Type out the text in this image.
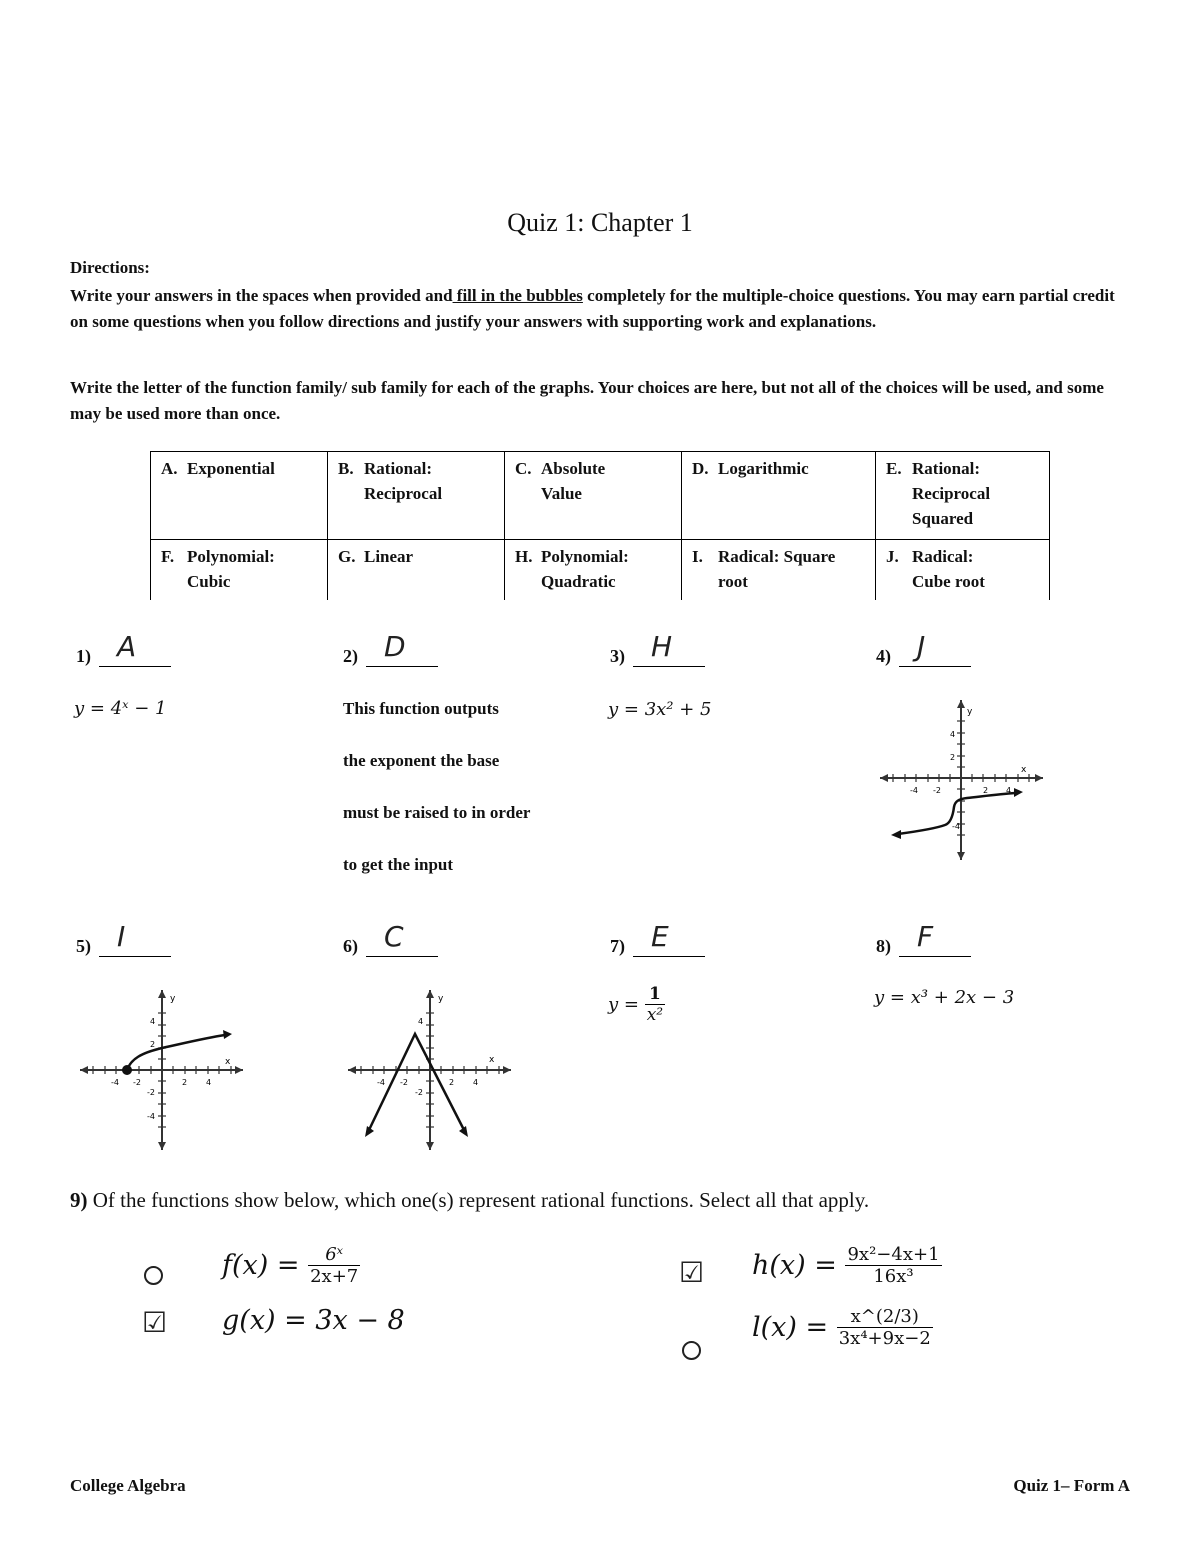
Quiz 1: Chapter 1
Directions:
Write your answers in the spaces when provided and fill in the bubbles completely for the multiple-choice questions. You may earn partial credit on some questions when you follow directions and justify your answers with supporting work and explanations.
Write the letter of the function family/ sub family for each of the graphs. Your choices are here, but not all of the choices will be used, and some may be used more than once.
A. Exponential	B. Rational: Reciprocal	C. Absolute Value	D. Logarithmic	E. Rational: Reciprocal Squared
F. Polynomial: Cubic	G. Linear	H. Polynomial: Quadratic	I. Radical: Square root	J. Radical: Cube root
1) A
y = 4ˣ − 1
2) D
This function outputs
the exponent the base
must be raised to in order
to get the input
3) H
y = 3x² + 5
4) J
y
x
-4 -2	2 4
4
2
-4
5) I	6) C	7) E	8) F
y
x
-4 -2	2 4
4
2
-2
-4
y
x
-4 -2	2 4
4
-2
$y = \frac{1}{\text{x²}}$	y = x³ + 2x − 3
9) Of the functions show below, which one(s) represent rational functions. Select all that apply.
$f(x) = \frac{\text{6ˣ}}{2x+7}$
☑ g(x) = 3x − 8
☑ $h(x) = \frac{\text{9x²−4x+1}}{\text{16x³}}$
$l(x) = \frac{x\^{}(2/3)}{\text{3x⁴+9x−2}}$
College Algebra	Quiz 1– Form A
